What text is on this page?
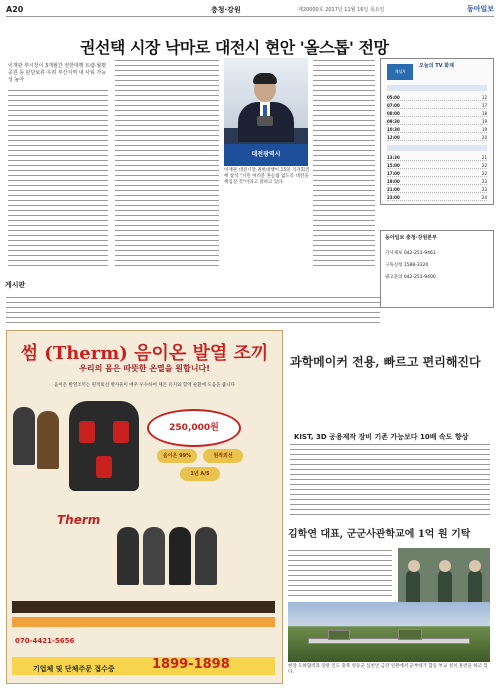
A20	충청·강원	제20000호 2017년 11월 16일 목요일	동아일보
권선택 시장 낙마로 대전시 현안 '올스톱' 전망
이재관 부시장이 3개월간 권한대행 트램·월평공원 등 판단보류 우려 부산지역 내 사퇴 가능성 높아
대전광역시
이재관 대전시장 권한대행이 15일 기자회견에 참석 "시민 여러분 흔들림 없도록 대전을 책임질 것"이라고 말하고 있다.
채널A
오늘의 TV 화제
05:00	12
07:00	17
08:00	18
09:30	19
10:30	19
12:00	20
13:30	21
15:00	22
17:00	22
19:00	23
21:00	23
23:00	24
동아일보 충청·강원본부
기사제보 042-253-9461
구독신청 1588-3320
광고문의 042-253-9400
게시판
썸 (Therm) 음이온 발열 조끼
우리의 몸은 따뜻한 온열을 원합니다!
음이온 발열조끼는 원적외선 방사율이 매우 우수하여 체온 유지와 혈액 순환에 도움을 줍니다
250,000원
음이온 99%	원적외선
1년 A/S
Therm
070-4421-5656
기업체 및 단체주문 접수중	1899-1898
과학메이커 전용, 빠르고 편리해진다
KIST, 3D 공용제작 장비 기존 가능보다 10배 속도 향상
김학연 대표, 군군사관학교에 1억 원 기탁
현장 도하협력과 장관 인도 충북 영동군 심천면 금강 일원에서 군부대가 합동 부교 설치 훈련을 하고 있다.
